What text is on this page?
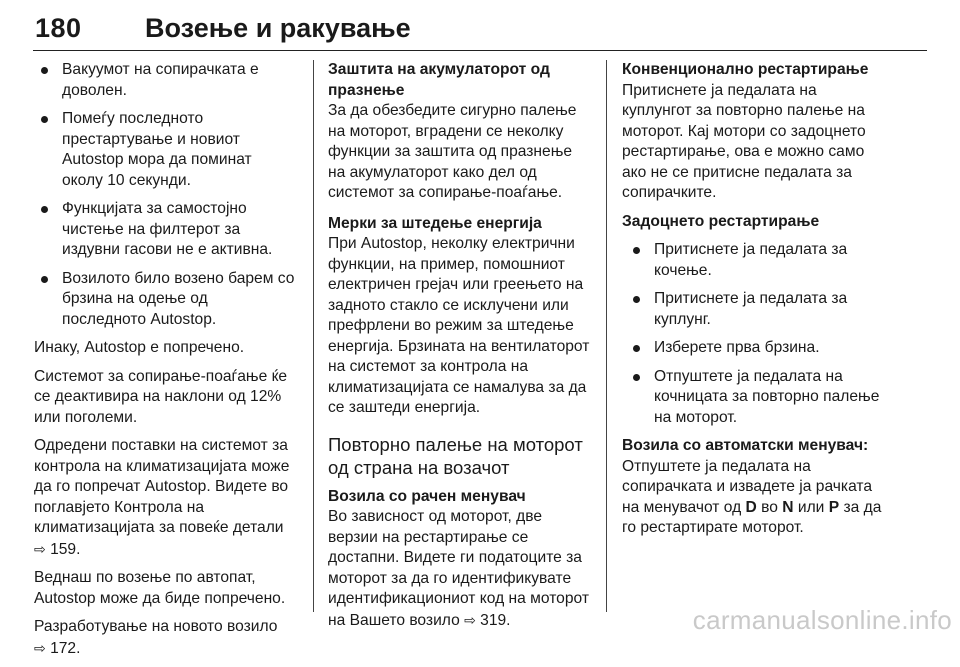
180 Возење и ракување
Вакуумот на сопирачката е доволен.
Помеѓу последното престартување и новиот Autostop мора да поминат околу 10 секунди.
Функцијата за самостојно чистење на филтерот за издувни гасови не е активна.
Возилото било возено барем со брзина на одење од последното Autostop.

Инаку, Autostop е попречено.

Системот за сопирање-поаѓање ќе се деактивира на наклони од 12% или поголеми.

Одредени поставки на системот за контрола на климатизацијата може да го попречат Autostop. Видете во поглавјето Контрола на климатизацијата за повеќе детали
⇨ 159.

Веднаш по возење по автопат, Autostop може да биде попречено.

Разработување на новото возило
⇨ 172.

Заштита на акумулаторот од празнење

За да обезбедите сигурно палење на моторот, вградени се неколку функции за заштита од празнење на акумулаторот како дел од системот за сопирање-поаѓање.

Мерки за штедење енергија

При Autostop, неколку електрични функции, на пример, помошниот електричен грејач или греењето на задното стакло се исклучени или префрлени во режим за штедење енергија. Брзината на вентилаторот на системот за контрола на климатизацијата се намалува за да се заштеди енергија.

Повторно палење на моторот од страна на возачот

Возила со рачен менувач

Во зависност од моторот, две верзии на рестартирање се достапни. Видете ги податоците за моторот за да го идентификувате идентификациониот код на моторот на Вашето возило ⇨ 319.

Конвенционално рестартирање

Притиснете ја педалата на куплунгот за повторно палење на моторот. Кај мотори со задоцнето рестартирање, ова е можно само ако не се притисне педалата за сопирачките.

Задоцнето рестартирање

Притиснете ја педалата за кочење.
Притиснете ја педалата за куплунг.
Изберете прва брзина.
Отпуштете ја педалата на кочницата за повторно палење на моторот.

Возила со автоматски менувач:

Отпуштете ја педалата на сопирачката и извадете ја рачката на менувачот од D во N или P за да го рестартирате моторот.

carmanualsonline.info
